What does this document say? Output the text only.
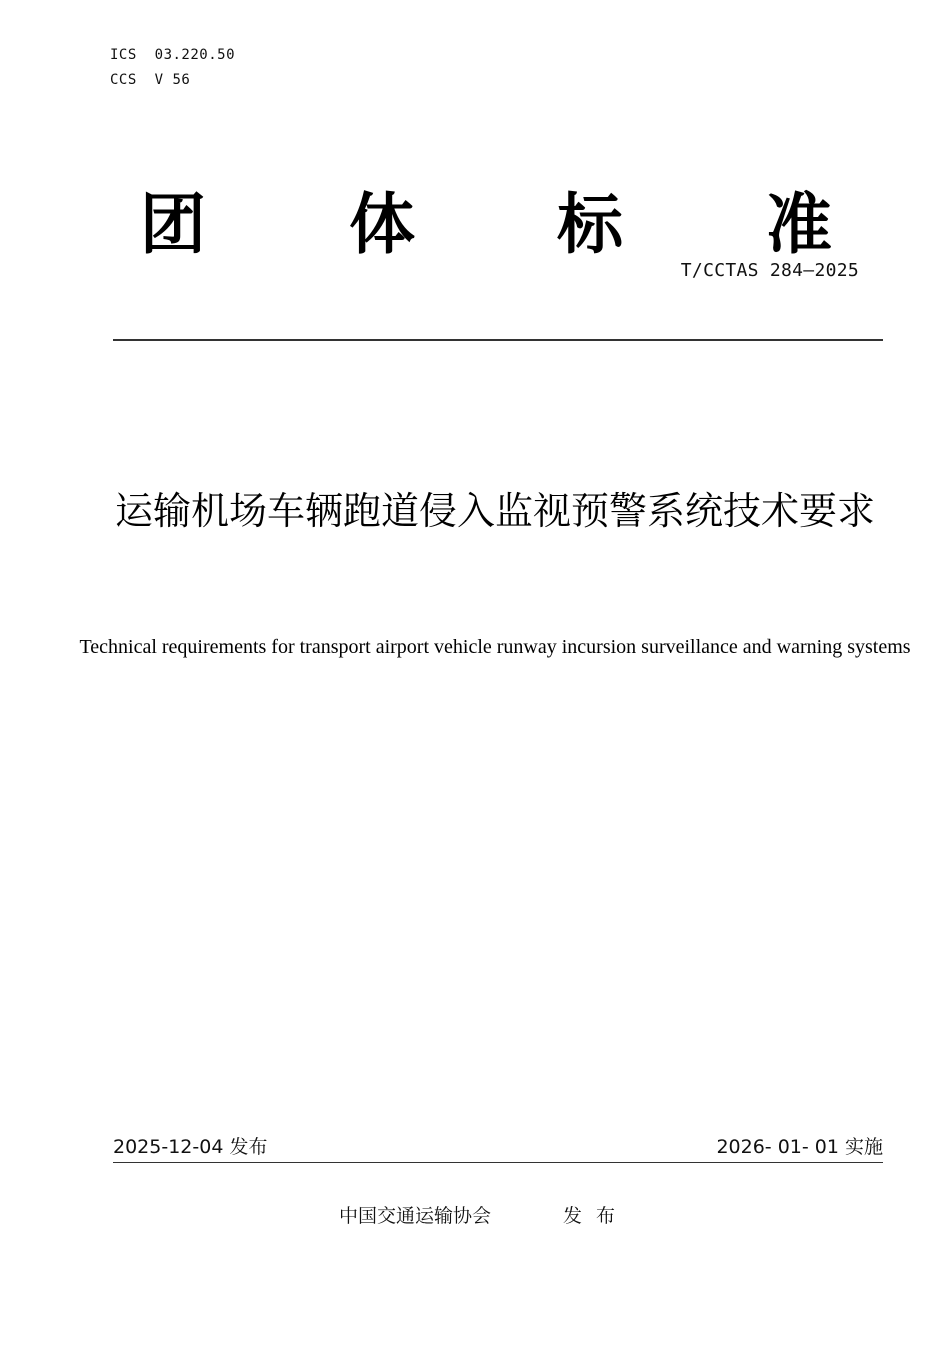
ICS  03.220.50
CCS  V 56
团 体 标 准
T/CCTAS 284—2025
运输机场车辆跑道侵入监视预警系统技术要求
Technical requirements for transport airport vehicle runway incursion surveillance and warning systems
2025-12-04 发布	2026- 01- 01 实施
中国交通运输协会	发布
